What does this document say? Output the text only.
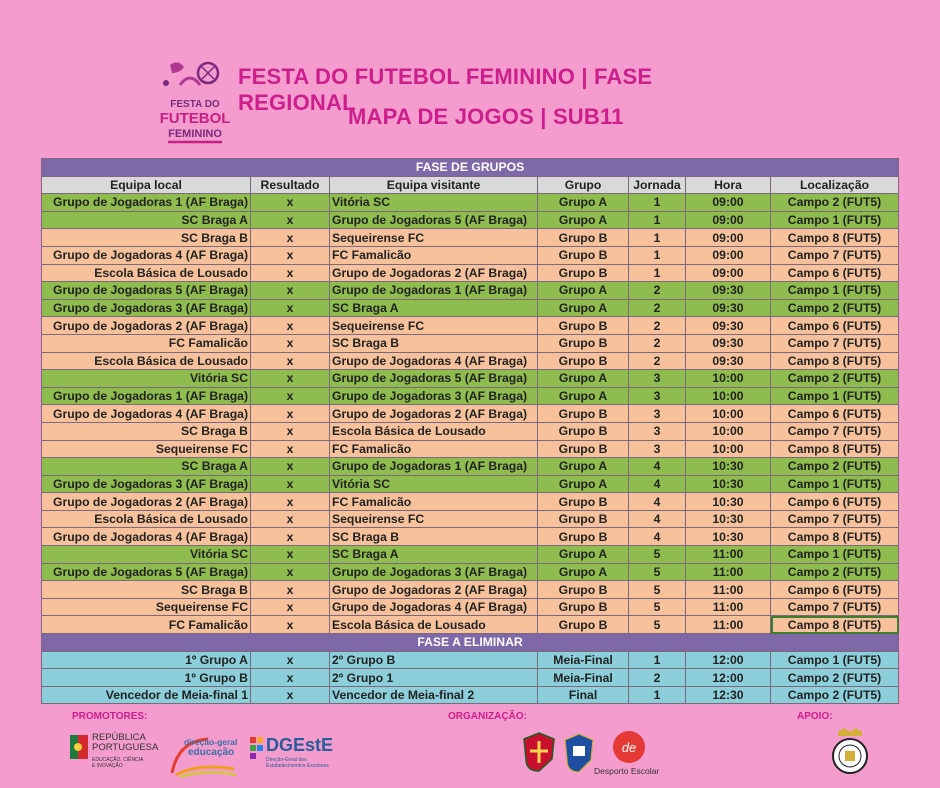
FESTA DO
FUTEBOL
FEMININO
FESTA DO FUTEBOL FEMININO | FASE REGIONAL
MAPA DE JOGOS | SUB11
FASE DE GRUPOS						
Equipa local	Resultado	Equipa visitante	Grupo	Jornada	Hora	Localização
Grupo de Jogadoras 1 (AF Braga)	x	Vitória SC	Grupo A	1	09:00	Campo 2 (FUT5)
SC Braga A	x	Grupo de Jogadoras 5 (AF Braga)	Grupo A	1	09:00	Campo 1 (FUT5)
SC Braga B	x	Sequeirense FC	Grupo B	1	09:00	Campo 8 (FUT5)
Grupo de Jogadoras 4 (AF Braga)	x	FC Famalicão	Grupo B	1	09:00	Campo 7 (FUT5)
Escola Básica de Lousado	x	Grupo de Jogadoras 2 (AF Braga)	Grupo B	1	09:00	Campo 6 (FUT5)
Grupo de Jogadoras 5 (AF Braga)	x	Grupo de Jogadoras 1 (AF Braga)	Grupo A	2	09:30	Campo 1 (FUT5)
Grupo de Jogadoras 3 (AF Braga)	x	SC Braga A	Grupo A	2	09:30	Campo 2 (FUT5)
Grupo de Jogadoras 2 (AF Braga)	x	Sequeirense FC	Grupo B	2	09:30	Campo 6 (FUT5)
FC Famalicão	x	SC Braga B	Grupo B	2	09:30	Campo 7 (FUT5)
Escola Básica de Lousado	x	Grupo de Jogadoras 4 (AF Braga)	Grupo B	2	09:30	Campo 8 (FUT5)
Vitória SC	x	Grupo de Jogadoras 5 (AF Braga)	Grupo A	3	10:00	Campo 2 (FUT5)
Grupo de Jogadoras 1 (AF Braga)	x	Grupo de Jogadoras 3 (AF Braga)	Grupo A	3	10:00	Campo 1 (FUT5)
Grupo de Jogadoras 4 (AF Braga)	x	Grupo de Jogadoras 2 (AF Braga)	Grupo B	3	10:00	Campo 6 (FUT5)
SC Braga B	x	Escola Básica de Lousado	Grupo B	3	10:00	Campo 7 (FUT5)
Sequeirense FC	x	FC Famalicão	Grupo B	3	10:00	Campo 8 (FUT5)
SC Braga A	x	Grupo de Jogadoras 1 (AF Braga)	Grupo A	4	10:30	Campo 2 (FUT5)
Grupo de Jogadoras 3 (AF Braga)	x	Vitória SC	Grupo A	4	10:30	Campo 1 (FUT5)
Grupo de Jogadoras 2 (AF Braga)	x	FC Famalicão	Grupo B	4	10:30	Campo 6 (FUT5)
Escola Básica de Lousado	x	Sequeirense FC	Grupo B	4	10:30	Campo 7 (FUT5)
Grupo de Jogadoras 4 (AF Braga)	x	SC Braga B	Grupo B	4	10:30	Campo 8 (FUT5)
Vitória SC	x	SC Braga A	Grupo A	5	11:00	Campo 1 (FUT5)
Grupo de Jogadoras 5 (AF Braga)	x	Grupo de Jogadoras 3 (AF Braga)	Grupo A	5	11:00	Campo 2 (FUT5)
SC Braga B	x	Grupo de Jogadoras 2 (AF Braga)	Grupo B	5	11:00	Campo 6 (FUT5)
Sequeirense FC	x	Grupo de Jogadoras 4 (AF Braga)	Grupo B	5	11:00	Campo 7 (FUT5)
FC Famalicão	x	Escola Básica de Lousado	Grupo B	5	11:00	Campo 8 (FUT5)
FASE A ELIMINAR						
1º Grupo A	x	2º Grupo B	Meia-Final	1	12:00	Campo 1 (FUT5)
1º Grupo B	x	2º Grupo 1	Meia-Final	2	12:00	Campo 2 (FUT5)
Vencedor de Meia-final 1	x	Vencedor de Meia-final 2	Final	1	12:30	Campo 2 (FUT5)
PROMOTORES:	ORGANIZAÇÃO:	APOIO:
REPÚBLICA
PORTUGUESA
EDUCAÇÃO, CIÊNCIA
E INOVAÇÃO
direção-geral
educação DGEstE
Direção-Geral dos
Estabelecimentos Escolares
de
Desporto Escolar
